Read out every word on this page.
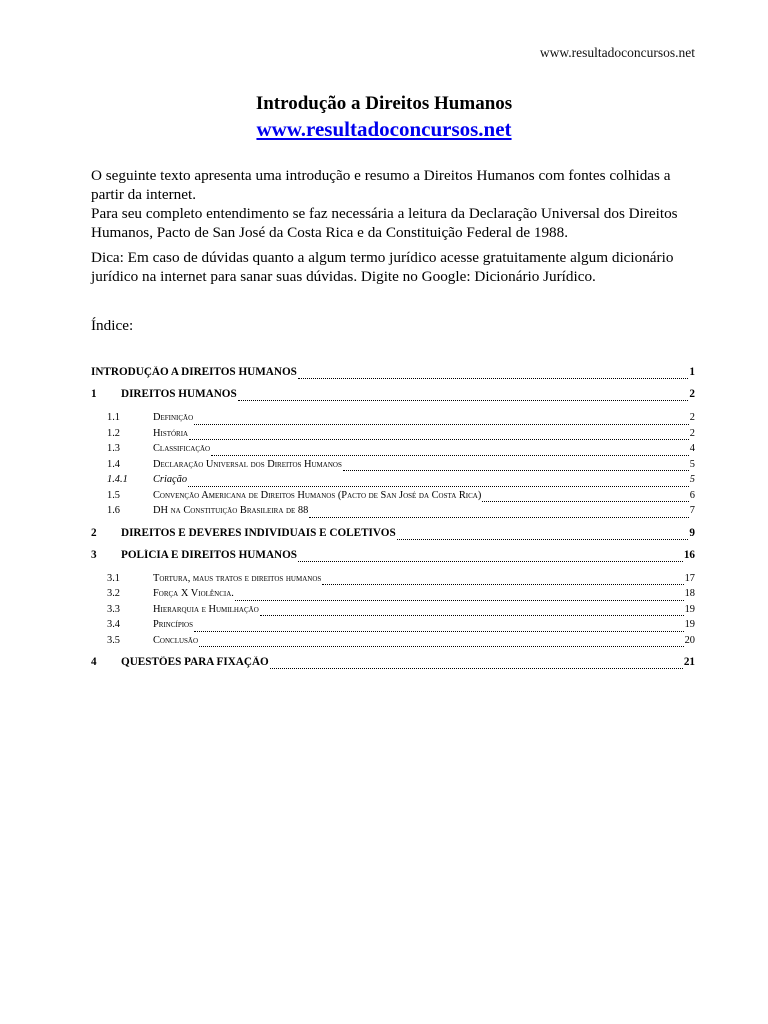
www.resultadoconcursos.net
Introdução a Direitos Humanos
www.resultadoconcursos.net

O seguinte texto apresenta uma introdução e resumo a Direitos Humanos com fontes colhidas a partir da internet.

Para seu completo entendimento se faz necessária a leitura da Declaração Universal dos Direitos Humanos, Pacto de San José da Costa Rica e da Constituição Federal de 1988.

Dica: Em caso de dúvidas quanto a algum termo jurídico acesse gratuitamente algum dicionário jurídico na internet para sanar suas dúvidas. Digite no Google: Dicionário Jurídico.

Índice:
INTRODUÇÃO A DIREITOS HUMANOS	1
1	DIREITOS HUMANOS	2
1.1	Definição	2
1.2	História	2
1.3	Classificação	4
1.4	Declaração Universal dos Direitos Humanos	5
1.4.1	Criação	5
1.5	Convenção Americana de Direitos Humanos (Pacto de San José da Costa Rica)	6
1.6	DH na Constituição Brasileira de 88	7
2	DIREITOS E DEVERES INDIVIDUAIS E COLETIVOS	9
3	POLÍCIA E DIREITOS HUMANOS	16
3.1	Tortura, maus tratos e direitos humanos	17
3.2	Força X Violência.	18
3.3	Hierarquia e Humilhação	19
3.4	Princípios	19
3.5	Conclusão	20
4	QUESTÕES PARA FIXAÇÃO	21
